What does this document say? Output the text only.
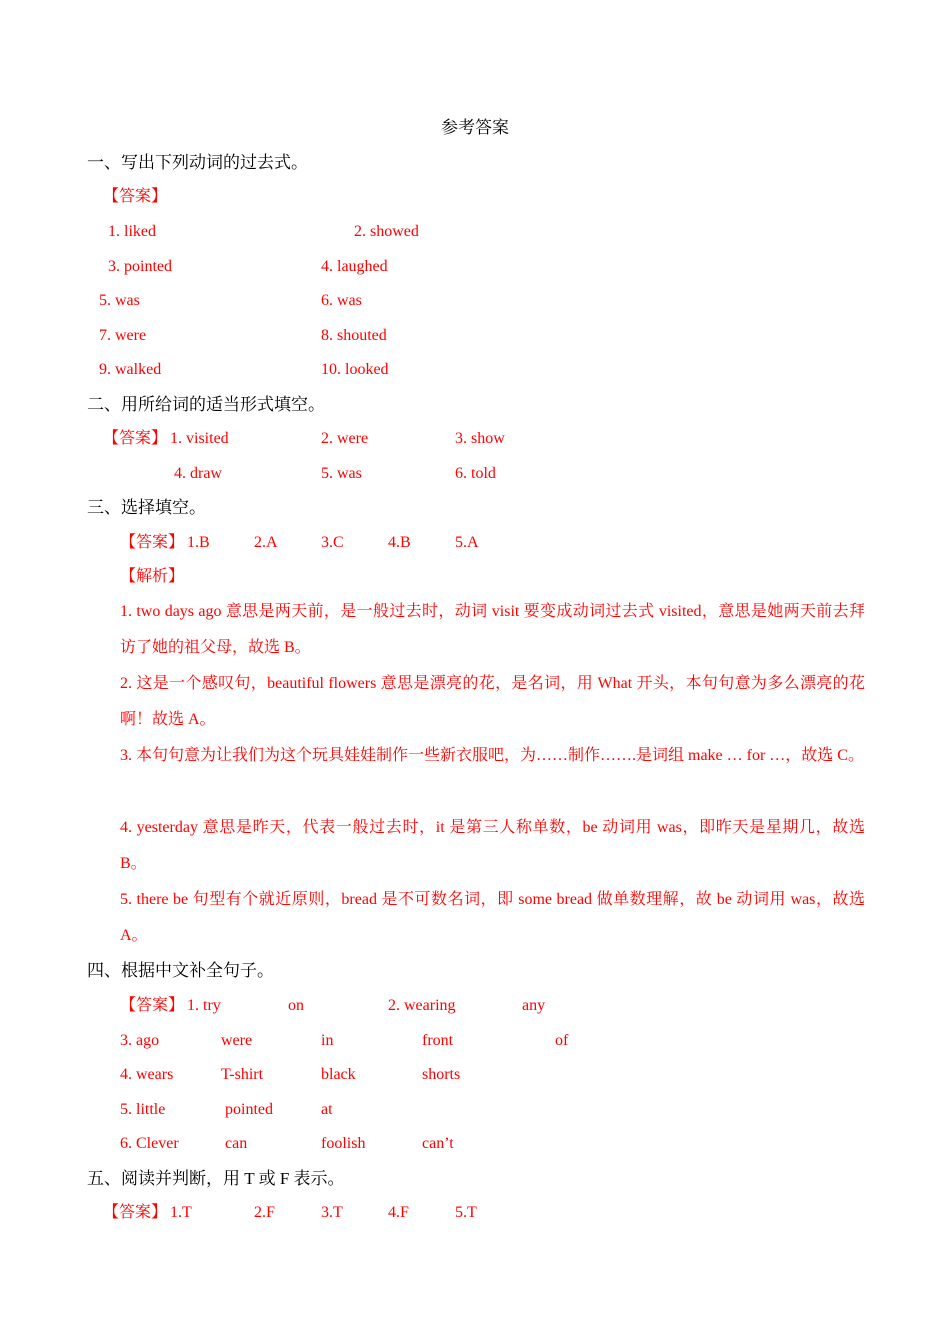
参考答案
一、写出下列动词的过去式。
【答案】
1. liked	2. showed
3. pointed	4. laughed
5. was	6. was
7. were	8. shouted
9. walked	10. looked
二、用所给词的适当形式填空。
【答案】 1. visited	2. were	3. show
4. draw	5. was	6. told
三、选择填空。
【答案】 1.B	2.A	3.C	4.B	5.A
【解析】
1. two days ago 意思是两天前，是一般过去时，动词 visit 要变成动词过去式 visited，意思是她两天前去拜访了她的祖父母，故选 B。
2. 这是一个感叹句，beautiful flowers 意思是漂亮的花，是名词，用 What 开头，本句句意为多么漂亮的花啊！故选 A。
3. 本句句意为让我们为这个玩具娃娃制作一些新衣服吧，为……制作…….是词组 make … for …，故选 C。
4. yesterday 意思是昨天，代表一般过去时，it 是第三人称单数，be 动词用 was，即昨天是星期几，故选 B。
5. there be 句型有个就近原则，bread 是不可数名词，即 some bread 做单数理解，故 be 动词用 was，故选 A。
四、根据中文补全句子。
【答案】 1. try	on	2. wearing	any
3. ago	were	in	front	of
4. wears	T-shirt	black	shorts
5. little	pointed	at
6. Clever	can	foolish	can’t
五、阅读并判断，用 T 或 F 表示。
【答案】 1.T	2.F	3.T	4.F	5.T
